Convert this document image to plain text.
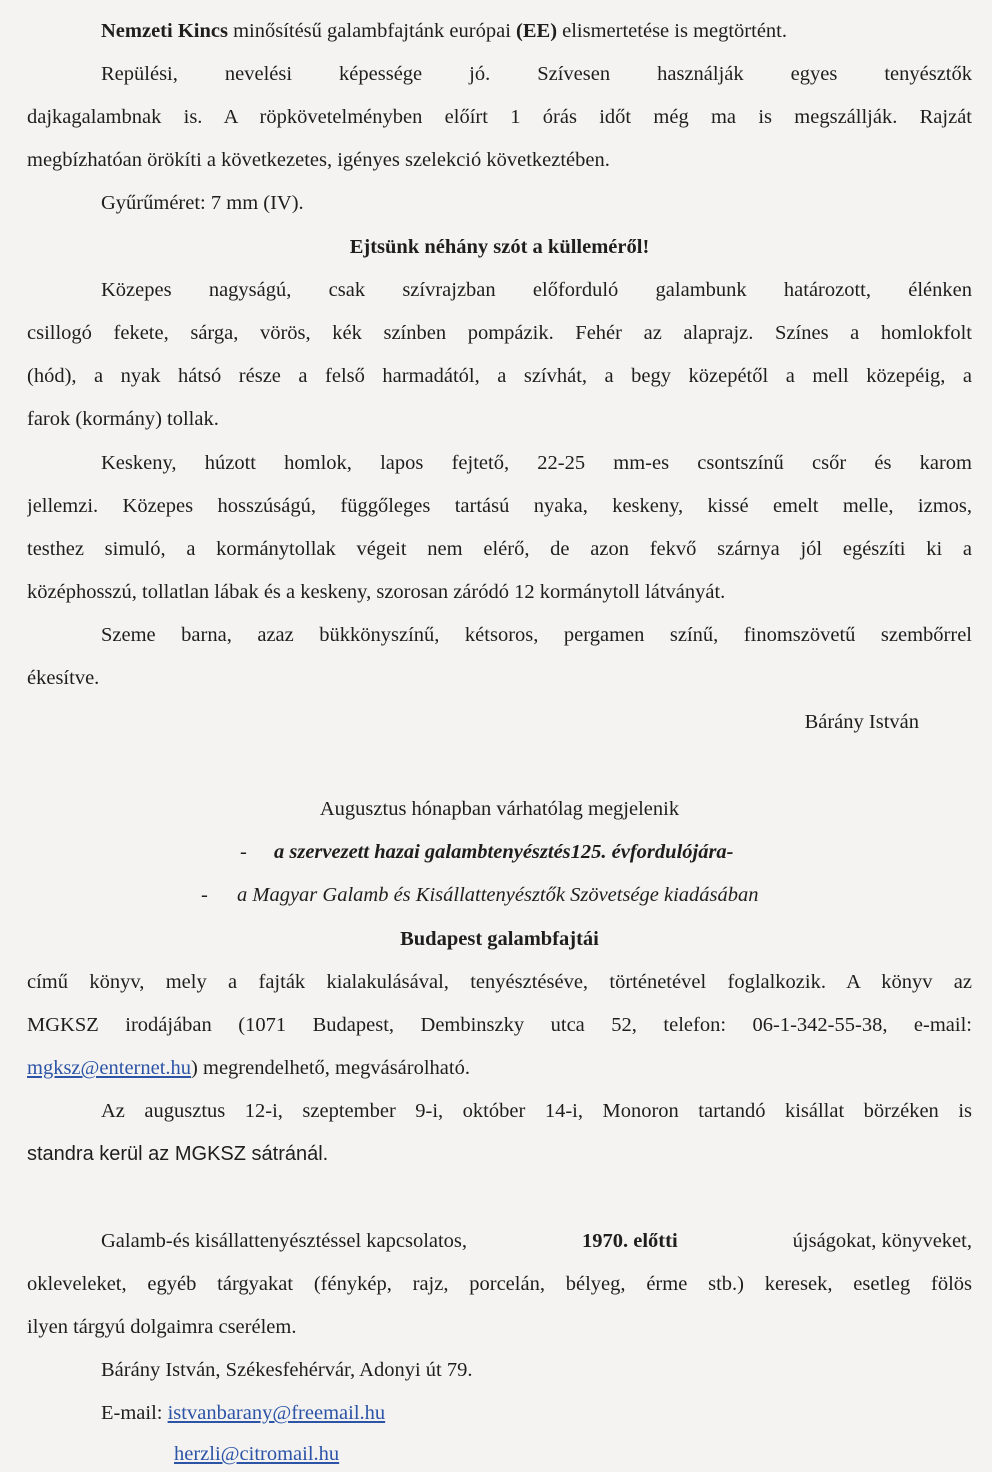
Nemzeti Kincs minősítésű galambfajtánk európai (EE) elismertetése is megtörtént.
Repülési, nevelési képessége jó. Szívesen használják egyes tenyésztők
dajkagalambnak is. A röpkövetelményben előírt 1 órás időt még ma is megszállják. Rajzát
megbízhatóan örökíti a következetes, igényes szelekció következtében.
Gyűrűméret: 7 mm (IV).
Ejtsünk néhány szót a külleméről!
Közepes nagyságú, csak szívrajzban előforduló galambunk határozott, élénken
csillogó fekete, sárga, vörös, kék színben pompázik. Fehér az alaprajz. Színes a homlokfolt
(hód), a nyak hátsó része a felső harmadától, a szívhát, a begy közepétől a mell közepéig, a
farok (kormány) tollak.
Keskeny, húzott homlok, lapos fejtető, 22-25 mm-es csontszínű csőr és karom
jellemzi. Közepes hosszúságú, függőleges tartású nyaka, keskeny, kissé emelt melle, izmos,
testhez simuló, a kormánytollak végeit nem elérő, de azon fekvő szárnya jól egészíti ki a
középhosszú, tollatlan lábak és a keskeny, szorosan záródó 12 kormánytoll látványát.
Szeme barna, azaz bükkönyszínű, kétsoros, pergamen színű, finomszövetű szembőrrel
ékesítve.
Bárány István
Augusztus hónapban várhatólag megjelenik
- a szervezett hazai galambtenyésztés125. évfordulójára-
- a Magyar Galamb és Kisállattenyésztők Szövetsége kiadásában
Budapest galambfajtái
című könyv, mely a fajták kialakulásával, tenyésztéséve, történetével foglalkozik. A könyv az
MGKSZ irodájában (1071 Budapest, Dembinszky utca 52, telefon: 06-1-342-55-38, e-mail:
mgksz@enternet.hu) megrendelhető, megvásárolható.
Az augusztus 12-i, szeptember 9-i, október 14-i, Monoron tartandó kisállat börzéken is
standra kerül az MGKSZ sátránál.
Galamb-és kisállattenyésztéssel kapcsolatos,	1970. előtti	újságokat, könyveket,
okleveleket, egyéb tárgyakat (fénykép, rajz, porcelán, bélyeg, érme stb.) keresek, esetleg fölös
ilyen tárgyú dolgaimra cserélem.
Bárány István, Székesfehérvár, Adonyi út 79.
E-mail: istvanbarany@freemail.hu
herzli@citromail.hu
